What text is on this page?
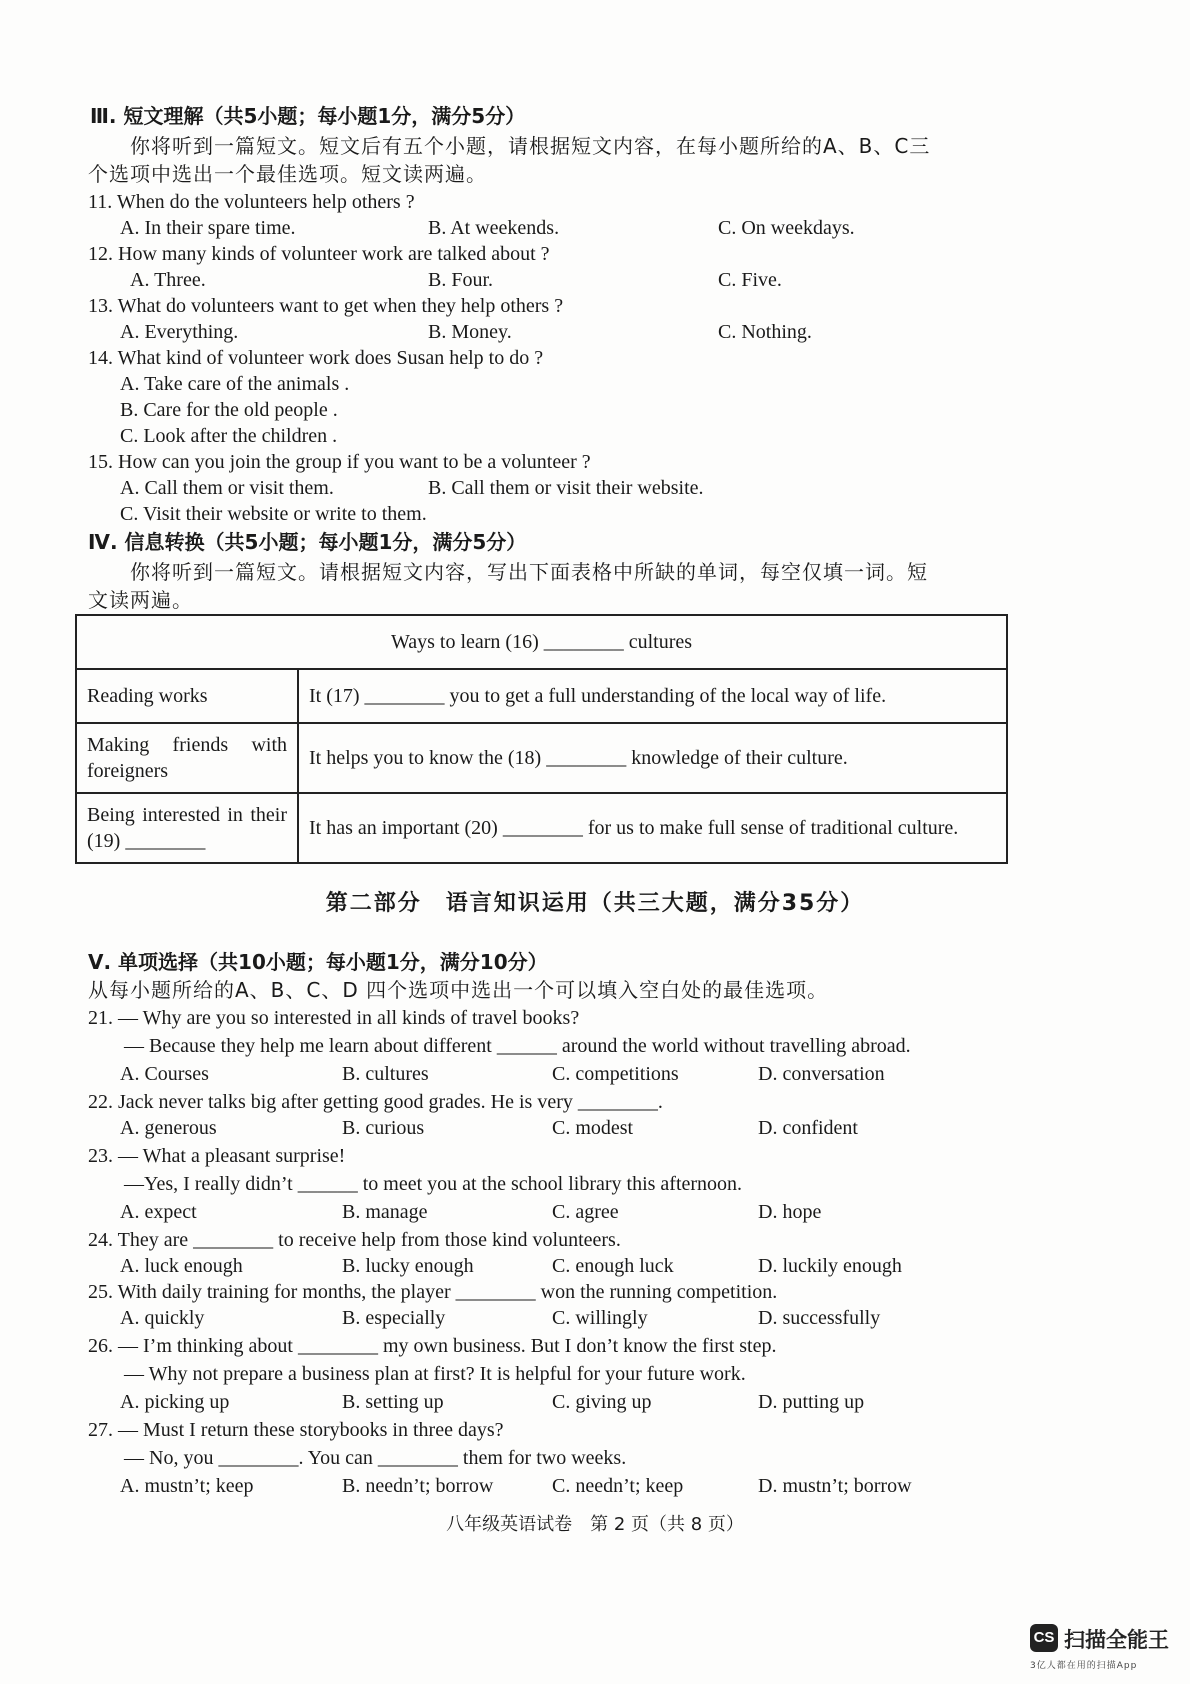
Ⅲ. 短文理解（共5小题；每小题1分，满分5分）
你将听到一篇短文。短文后有五个小题，请根据短文内容，在每小题所给的A、B、C三
个选项中选出一个最佳选项。短文读两遍。
11. When do the volunteers help others ?
A. In their spare time.	B. At weekends.	C. On weekdays.
12. How many kinds of volunteer work are talked about ?
A. Three.	B. Four.	C. Five.
13. What do volunteers want to get when they help others ?
A. Everything.	B. Money.	C. Nothing.
14. What kind of volunteer work does Susan help to do ?
A. Take care of the animals .
B. Care for the old people .
C. Look after the children .
15. How can you join the group if you want to be a volunteer ?
A. Call them or visit them.	B. Call them or visit their website.
C. Visit their website or write to them.
Ⅳ. 信息转换（共5小题；每小题1分，满分5分）
你将听到一篇短文。请根据短文内容，写出下面表格中所缺的单词，每空仅填一词。短
文读两遍。
Ways to learn (16) ________ cultures	
Reading works	It (17) ________ you to get a full understanding of the local way of life.
Making friends with foreigners	It helps you to know the (18) ________ knowledge of their culture.
Being interested in their (19) ________	It has an important (20) ________ for us to make full sense of traditional culture.
第二部分　语言知识运用（共三大题，满分35分）
Ⅴ. 单项选择（共10小题；每小题1分，满分10分）
从每小题所给的A、B、C、D 四个选项中选出一个可以填入空白处的最佳选项。
21. — Why are you so interested in all kinds of travel books?
— Because they help me learn about different ______ around the world without travelling abroad.
A. Courses	B. cultures	C. competitions	D. conversation
22. Jack never talks big after getting good grades. He is very ________.
A. generous	B. curious	C. modest	D. confident
23. — What a pleasant surprise!
—Yes, I really didn’t ______ to meet you at the school library this afternoon.
A. expect	B. manage	C. agree	D. hope
24. They are ________ to receive help from those kind volunteers.
A. luck enough	B. lucky enough	C. enough luck	D. luckily enough
25. With daily training for months, the player ________ won the running competition.
A. quickly	B. especially	C. willingly	D. successfully
26. — I’m thinking about ________ my own business. But I don’t know the first step.
— Why not prepare a business plan at first? It is helpful for your future work.
A. picking up	B. setting up	C. giving up	D. putting up
27. — Must I return these storybooks in three days?
— No, you ________. You can ________ them for two weeks.
A. mustn’t; keep	B. needn’t; borrow	C. needn’t; keep	D. mustn’t; borrow
八年级英语试卷　第 2 页（共 8 页）
CS 扫描全能王
3亿人都在用的扫描App
